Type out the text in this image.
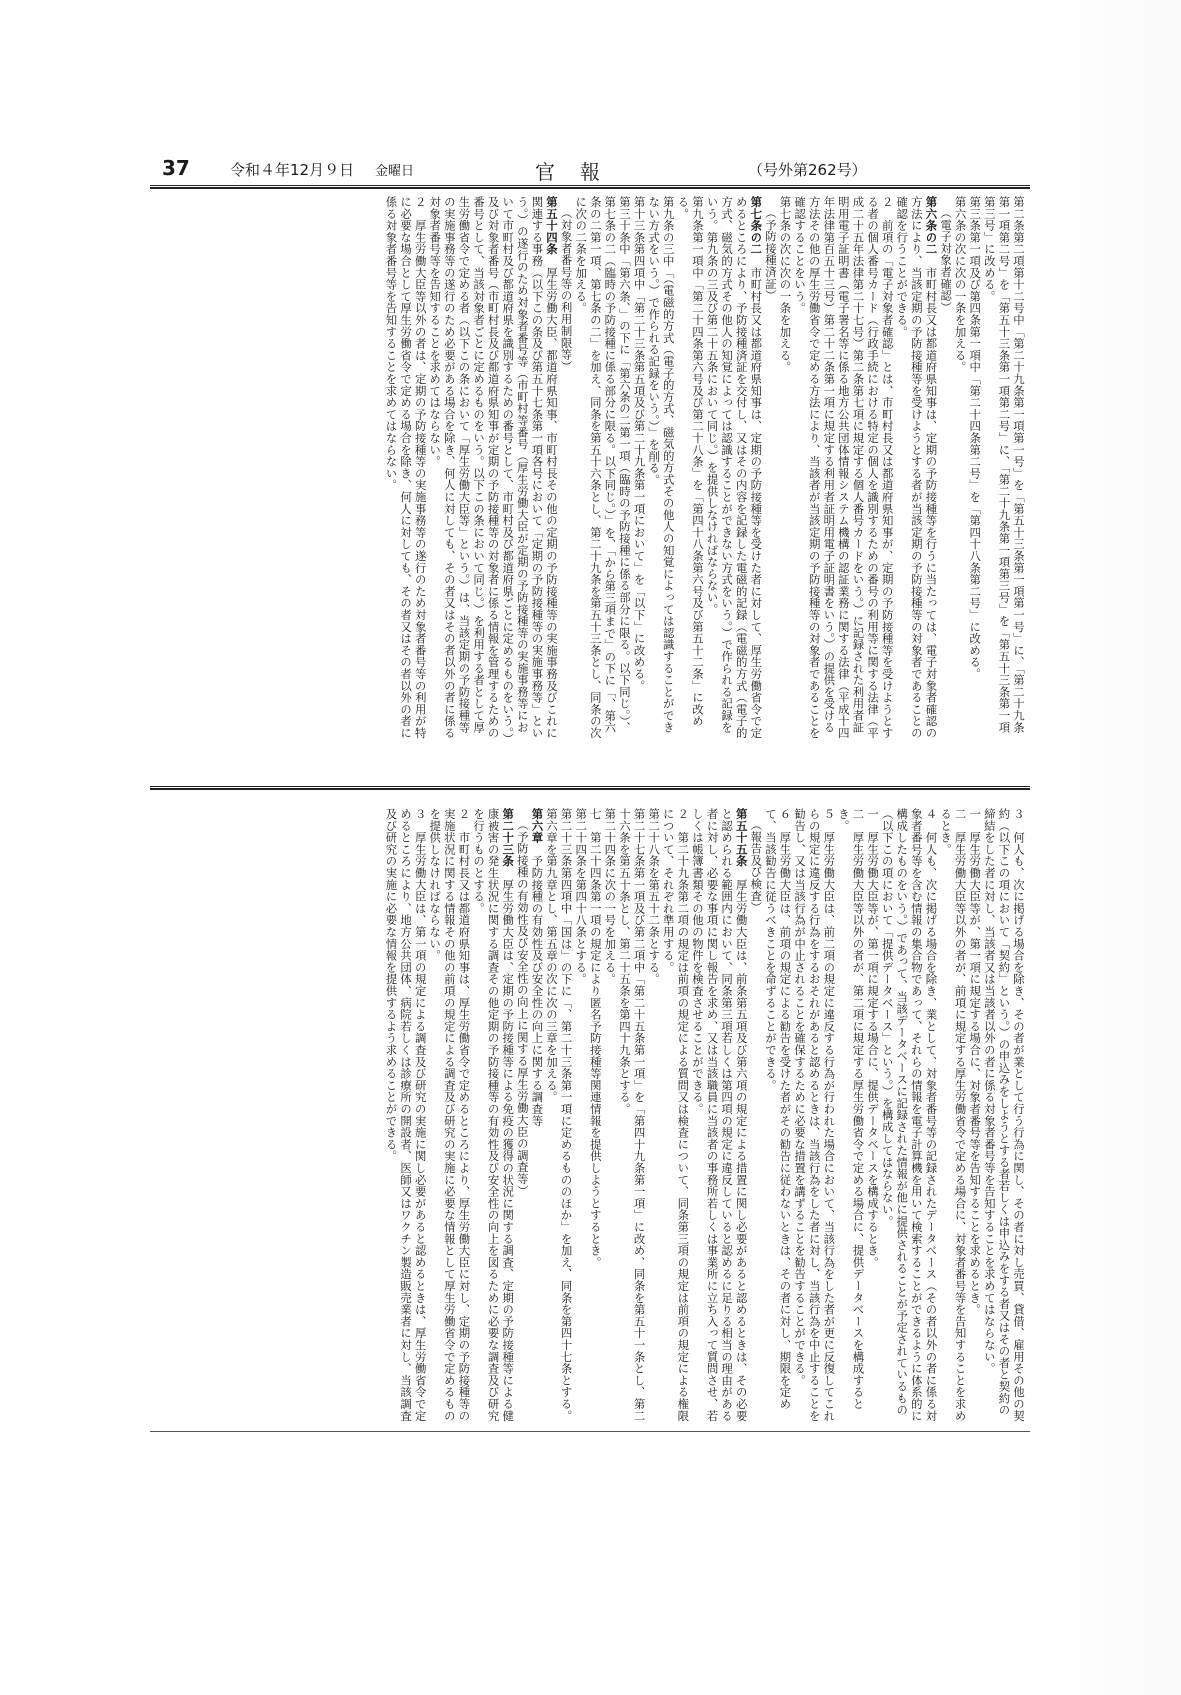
37	令和４年12月９日 金曜日	官 報	（号外第262号）

第二条第二項第十二号中「第二十九条第一項第一号」を「第五十三条第一項第一号」に、「第二十九条第一項第二号」を「第五十三条第一項第二号」に、「第二十九条第一項第三号」を「第五十三条第一項第三号」に改める。

第三条第一項及び第四条第一項中「第二十四条第二号」を「第四十八条第二号」に改める。

第六条の次に次の一条を加える。

（電子対象者確認）

第六条の二　市町村長又は都道府県知事は、定期の予防接種等を行うに当たっては、電子対象者確認の方法により、当該定期の予防接種等を受けようとする者が当該定期の予防接種等の対象者であることの確認を行うことができる。

２　前項の「電子対象者確認」とは、市町村長又は都道府県知事が、定期の予防接種等を受けようとする者の個人番号カード（行政手続における特定の個人を識別するための番号の利用等に関する法律（平成二十五年法律第二十七号）第二条第七項に規定する個人番号カードをいう。）に記録された利用者証明用電子証明書（電子署名等に係る地方公共団体情報システム機構の認証業務に関する法律（平成十四年法律第百五十三号）第二十二条第一項に規定する利用者証明用電子証明書をいう。）の提供を受ける方法その他の厚生労働省令で定める方法により、当該者が当該定期の予防接種等の対象者であることを確認することをいう。

第七条の次に次の一条を加える。

（予防接種済証）

第七条の二　市町村長又は都道府県知事は、定期の予防接種等を受けた者に対して、厚生労働省令で定めるところにより、予防接種済証を交付し、又はその内容を記録した電磁的記録（電磁的方式（電子的方式、磁気的方式その他人の知覚によっては認識することができない方式をいう。）で作られる記録をいう。第九条の三及び第二十五条において同じ。）を提供しなければならない。

第九条第一項中「第二十四条第六号及び第二十八条」を「第四十八条第六号及び第五十二条」に改める。

第九条の三中「（電磁的方式（電子的方式、磁気的方式その他人の知覚によっては認識することができない方式をいう。）で作られる記録をいう。）」を削る。

第十三条第四項中「第二十三条第五項及び第二十九条第一項において」を「以下」に改める。

第三十条中「第六条、」の下に「第六条の二第一項（臨時の予防接種に係る部分に限る。以下同じ。）、第七条の二（臨時の予防接種に係る部分に限る。以下同じ。）」を、「から第三項まで」の下に「、第六条の二第一項、第七条の二」を加え、同条を第五十六条とし、第二十九条を第五十三条とし、同条の次に次の二条を加える。

（対象者番号等の利用制限等）

第五十四条　厚生労働大臣、都道府県知事、市町村長その他の定期の予防接種等の実施事務及びこれに関連する事務（以下この条及び第五十七条第一項各号において「定期の予防接種等の実施事務等」という。）の遂行のため対象者番号等（市町村等番号（厚生労働大臣が定期の予防接種等の実施事務等において市町村及び都道府県を識別するための番号として、市町村及び都道府県ごとに定めるものをいう。）及び対象者番号（市町村長及び都道府県知事が定期の予防接種等の対象者に係る情報を管理するための番号として、当該対象者ごとに定めるものをいう。以下この条において同じ。）を利用する者として厚生労働省令で定める者（以下この条において「厚生労働大臣等」という。）は、当該定期の予防接種等の実施事務等の遂行のため必要がある場合を除き、何人に対しても、その者又はその者以外の者に係る対象者番号等を告知することを求めてはならない。

２　厚生労働大臣等以外の者は、定期の予防接種等の実施事務等の遂行のため対象者番号等の利用が特に必要な場合として厚生労働省令で定める場合を除き、何人に対しても、その者又はその者以外の者に係る対象者番号等を告知することを求めてはならない。

３　何人も、次に掲げる場合を除き、その者が業として行う行為に関し、その者に対し売買、貸借、雇用その他の契約（以下この項において「契約」という。）の申込みをしようとする者若しくは申込みをする者又はその者と契約の締結をした者に対し、当該者又は当該者以外の者に係る対象者番号等を告知することを求めてはならない。

一　厚生労働大臣等が、第一項に規定する場合に、対象者番号等を告知することを求めるとき。

二　厚生労働大臣等以外の者が、前項に規定する厚生労働省令で定める場合に、対象者番号等を告知することを求めるとき。

４　何人も、次に掲げる場合を除き、業として、対象者番号等の記録されたデータベース（その者以外の者に係る対象者番号等を含む情報の集合物であって、それらの情報を電子計算機を用いて検索することができるように体系的に構成したものをいう。）であって、当該データベースに記録された情報が他に提供されることが予定されているもの（以下この項において「提供データベース」という。）を構成してはならない。

一　厚生労働大臣等が、第一項に規定する場合に、提供データベースを構成するとき。

二　厚生労働大臣等以外の者が、第二項に規定する厚生労働省令で定める場合に、提供データベースを構成するとき。

５　厚生労働大臣は、前二項の規定に違反する行為が行われた場合において、当該行為をした者が更に反復してこれらの規定に違反する行為をするおそれがあると認めるときは、当該行為をした者に対し、当該行為を中止することを勧告し、又は当該行為が中止されることを確保するために必要な措置を講ずることを勧告することができる。

６　厚生労働大臣は、前項の規定による勧告を受けた者がその勧告に従わないときは、その者に対し、期限を定めて、当該勧告に従うべきことを命ずることができる。

（報告及び検査）

第五十五条　厚生労働大臣は、前条第五項及び第六項の規定による措置に関し必要があると認めるときは、その必要と認められる範囲内において、同条第三項若しくは第四項の規定に違反していると認めるに足りる相当の理由がある者に対し、必要な事項に関し報告を求め、又は当該職員に当該者の事務所若しくは事業所に立ち入って質問させ、若しくは帳簿書類その他の物件を検査させることができる。

２　第二十九条第二項の規定は前項の規定による質問又は検査について、同条第三項の規定は前項の規定による権限について、それぞれ準用する。

第二十八条を第五十二条とする。

第二十七条第一項及び第二項中「第二十五条第一項」を「第四十九条第一項」に改め、同条を第五十一条とし、第二十六条を第五十条とし、第二十五条を第四十九条とする。

第二十四条に次の一号を加える。

七　第二十四条第一項の規定により匿名予防接種等関連情報を提供しようとするとき。

第二十四条を第四十八条とする。

第二十三条第四項中「国は」の下に「、第二十三条第一項に定めるもののほか」を加え、同条を第四十七条とする。

第六章を第九章とし、第五章の次に次の三章を加える。

第六章　予防接種の有効性及び安全性の向上に関する調査等

（予防接種の有効性及び安全性の向上に関する厚生労働大臣の調査等）

第二十三条　厚生労働大臣は、定期の予防接種等による免疫の獲得の状況に関する調査、定期の予防接種等による健康被害の発生状況に関する調査その他定期の予防接種等の有効性及び安全性の向上を図るために必要な調査及び研究を行うものとする。

２　市町村長又は都道府県知事は、厚生労働省令で定めるところにより、厚生労働大臣に対し、定期の予防接種等の実施状況に関する情報その他の前項の規定による調査及び研究の実施に必要な情報として厚生労働省令で定めるものを提供しなければならない。

３　厚生労働大臣は、第一項の規定による調査及び研究の実施に関し必要があると認めるときは、厚生労働省令で定めるところにより、地方公共団体、病院若しくは診療所の開設者、医師又はワクチン製造販売業者に対し、当該調査及び研究の実施に必要な情報を提供するよう求めることができる。
